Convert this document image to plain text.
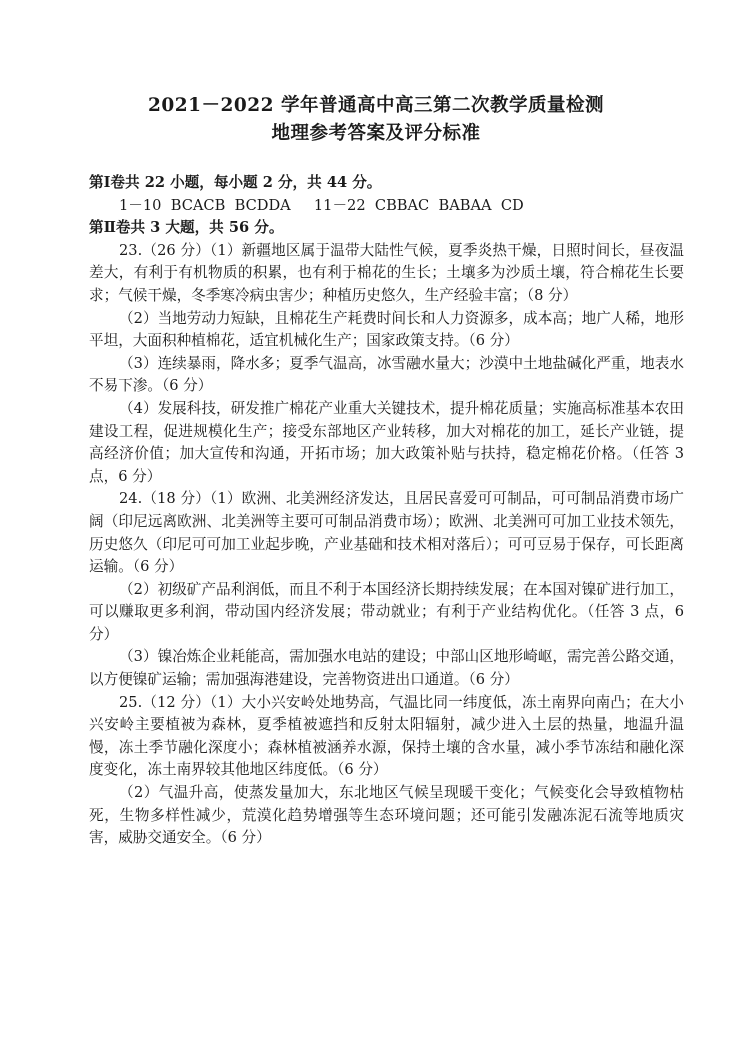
2021－2022 学年普通高中高三第二次教学质量检测
地理参考答案及评分标准

第Ⅰ卷共 22 小题，每小题 2 分，共 44 分。

1－10  BCACB  BCDDA     11－22  CBBAC  BABAA  CD

第Ⅱ卷共 3 大题，共 56 分。

23.（26 分）（1）新疆地区属于温带大陆性气候，夏季炎热干燥，日照时间长，昼夜温差大，有利于有机物质的积累，也有利于棉花的生长；土壤多为沙质土壤，符合棉花生长要求；气候干燥，冬季寒冷病虫害少；种植历史悠久，生产经验丰富；（8 分）

（2）当地劳动力短缺，且棉花生产耗费时间长和人力资源多，成本高；地广人稀，地形平坦，大面积种植棉花，适宜机械化生产；国家政策支持。（6 分）

（3）连续暴雨，降水多；夏季气温高，冰雪融水量大；沙漠中土地盐碱化严重，地表水不易下渗。（6 分）

（4）发展科技，研发推广棉花产业重大关键技术，提升棉花质量；实施高标准基本农田建设工程，促进规模化生产；接受东部地区产业转移，加大对棉花的加工，延长产业链，提高经济价值；加大宣传和沟通，开拓市场；加大政策补贴与扶持，稳定棉花价格。（任答 3 点，6 分）

24.（18 分）（1）欧洲、北美洲经济发达，且居民喜爱可可制品，可可制品消费市场广阔（印尼远离欧洲、北美洲等主要可可制品消费市场）；欧洲、北美洲可可加工业技术领先，历史悠久（印尼可可加工业起步晚，产业基础和技术相对落后）；可可豆易于保存，可长距离运输。（6 分）

（2）初级矿产品利润低，而且不利于本国经济长期持续发展；在本国对镍矿进行加工，可以赚取更多利润，带动国内经济发展；带动就业；有利于产业结构优化。（任答 3 点，6 分）

（3）镍冶炼企业耗能高，需加强水电站的建设；中部山区地形崎岖，需完善公路交通，以方便镍矿运输；需加强海港建设，完善物资进出口通道。（6 分）

25.（12 分）（1）大小兴安岭处地势高，气温比同一纬度低，冻土南界向南凸；在大小兴安岭主要植被为森林，夏季植被遮挡和反射太阳辐射，减少进入土层的热量，地温升温慢，冻土季节融化深度小；森林植被涵养水源，保持土壤的含水量，减小季节冻结和融化深度变化，冻土南界较其他地区纬度低。（6 分）

（2）气温升高，使蒸发量加大，东北地区气候呈现暖干变化；气候变化会导致植物枯死，生物多样性减少，荒漠化趋势增强等生态环境问题；还可能引发融冻泥石流等地质灾害，威胁交通安全。（6 分）
